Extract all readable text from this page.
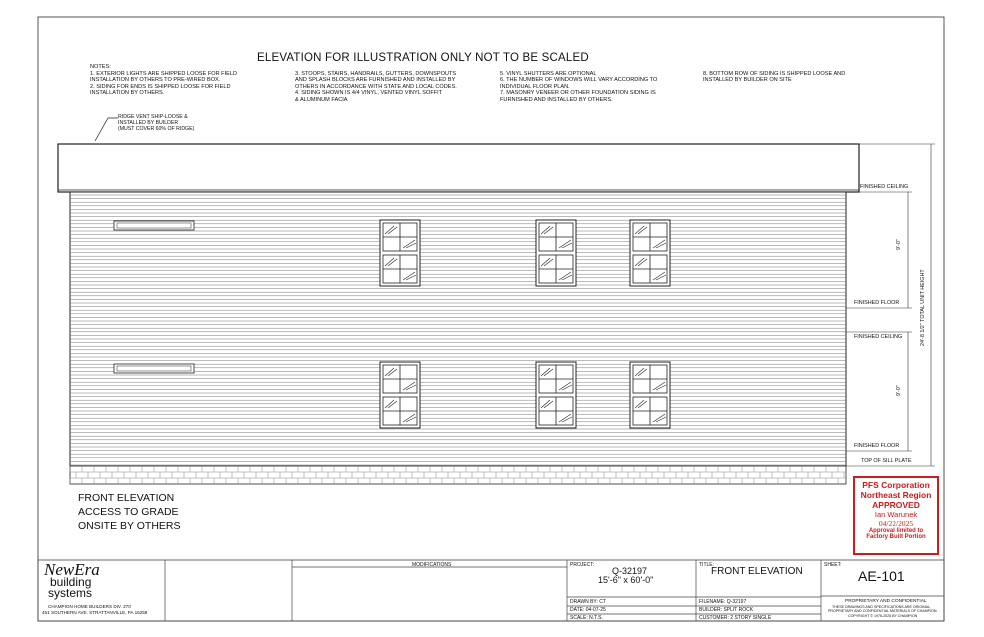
ELEVATION FOR ILLUSTRATION ONLY NOT TO BE SCALED
NOTES:
1. EXTERIOR LIGHTS ARE SHIPPED LOOSE FOR FIELD
INSTALLATION BY OTHERS TO PRE-WIRED BOX.
2. SIDING FOR ENDS IS SHIPPED LOOSE FOR FIELD
INSTALLATION BY OTHERS.
3. STOOPS, STAIRS, HANDRAILS, GUTTERS, DOWNSPOUTS
AND SPLASH BLOCKS ARE FURNISHED AND INSTALLED BY
OTHERS IN ACCORDANCE WITH STATE AND LOCAL CODES.
4. SIDING SHOWN IS 4/4 VINYL, VENTED VINYL SOFFIT
& ALUMINUM FACIA
5. VINYL SHUTTERS ARE OPTIONAL
6. THE NUMBER OF WINDOWS WILL VARY ACCORDING TO
INDIVIDUAL FLOOR PLAN.
7. MASONRY VENEER OR OTHER FOUNDATION SIDING IS
FURNISHED AND INSTALLED BY OTHERS.
8. BOTTOM ROW OF SIDING IS SHIPPED LOOSE AND
INSTALLED BY BUILDER ON SITE
RIDGE VENT SHIP-LOOSE &
INSTALLED BY BUILDER
(MUST COVER 60% OF RIDGE)
FINISHED CEILING
FINISHED FLOOR
FINISHED CEILING
FINISHED FLOOR
TOP OF SILL PLATE
9'-0"
9'-0"
24'-8 1/2" TOTAL UNIT HEIGHT
FRONT ELEVATION
ACCESS TO GRADE
ONSITE BY OTHERS
PFS Corporation
Northeast Region
APPROVED
Ian Warunek
04/22/2025
Approval limited to
Factory Built Portion
NewEra
building
systems
CHAMPION HOME BUILDERS DIV. 270
451 SOUTHERN AVE. STRATTANVILLE, PA 16258
MODIFICATIONS	PROJECT:
Q-32197
15'-6" x 60'-0"
DRAWN BY: CT
DATE: 04-07-25
SCALE: N.T.S.
TITLE:
FRONT ELEVATION
FILENAME: Q-32197
BUILDER: SPLIT ROCK
CUSTOMER: 2 STORY SINGLE
SHEET:
AE-101
PROPRIETARY AND CONFIDENTIAL
THESE DRAWINGS AND SPECIFICATIONS ARE ORIGINAL,
PROPRIETARY AND CONFIDENTIAL MATERIALS OF CHAMPION.
COPYRIGHT © 1976-2025 BY CHAMPION
